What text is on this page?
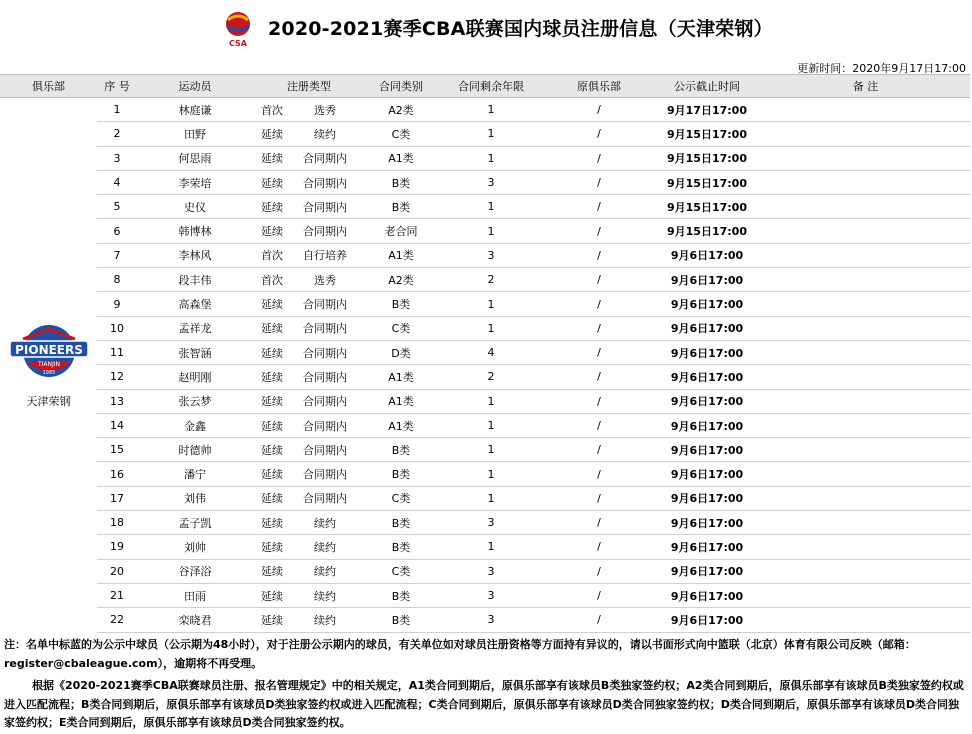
CSA
2020-2021赛季CBA联赛国内球员注册信息（天津荣钢）
更新时间：2020年9月17日17:00
俱乐部	序 号	运动员	注册类型	合同类别	合同剩余年限	原俱乐部	公示截止时间	备 注

PIONEERS
TIANJIN
1985
天津荣钢	1	林庭谦	首次 选秀	A2类	1	/	9月17日17:00	
	2	田野	延续 续约	C类	1	/	9月15日17:00	
	3	何思雨	延续 合同期内	A1类	1	/	9月15日17:00	
	4	李荣培	延续 合同期内	B类	3	/	9月15日17:00	
	5	史仪	延续 合同期内	B类	1	/	9月15日17:00	
	6	韩博林	延续 合同期内	老合同	1	/	9月15日17:00	
	7	李林风	首次 自行培养	A1类	3	/	9月6日17:00	
	8	段丰伟	首次 选秀	A2类	2	/	9月6日17:00	
	9	高森堡	延续 合同期内	B类	1	/	9月6日17:00	
	10	孟祥龙	延续 合同期内	C类	1	/	9月6日17:00	
	11	张智涵	延续 合同期内	D类	4	/	9月6日17:00	
	12	赵明刚	延续 合同期内	A1类	2	/	9月6日17:00	
	13	张云梦	延续 合同期内	A1类	1	/	9月6日17:00	
	14	金鑫	延续 合同期内	A1类	1	/	9月6日17:00	
	15	时德帅	延续 合同期内	B类	1	/	9月6日17:00	
	16	潘宁	延续 合同期内	B类	1	/	9月6日17:00	
	17	刘伟	延续 合同期内	C类	1	/	9月6日17:00	
	18	孟子凯	延续 续约	B类	3	/	9月6日17:00	
	19	刘帅	延续 续约	B类	1	/	9月6日17:00	
	20	谷泽浴	延续 续约	C类	3	/	9月6日17:00	
	21	田雨	延续 续约	B类	3	/	9月6日17:00	
	22	栾晓君	延续 续约	B类	3	/	9月6日17:00	

注：名单中标蓝的为公示中球员（公示期为48小时），对于注册公示期内的球员，有关单位如对球员注册资格等方面持有异议的，请以书面形式向中篮联（北京）体育有限公司反映（邮箱：register@cbaleague.com），逾期将不再受理。

根据《2020-2021赛季CBA联赛球员注册、报名管理规定》中的相关规定，A1类合同到期后，原俱乐部享有该球员B类独家签约权；A2类合同到期后，原俱乐部享有该球员B类独家签约权或进入匹配流程；B类合同到期后，原俱乐部享有该球员D类独家签约权或进入匹配流程；C类合同到期后，原俱乐部享有该球员D类合同独家签约权；D类合同到期后，原俱乐部享有该球员D类合同独家签约权；E类合同到期后，原俱乐部享有该球员D类合同独家签约权。
